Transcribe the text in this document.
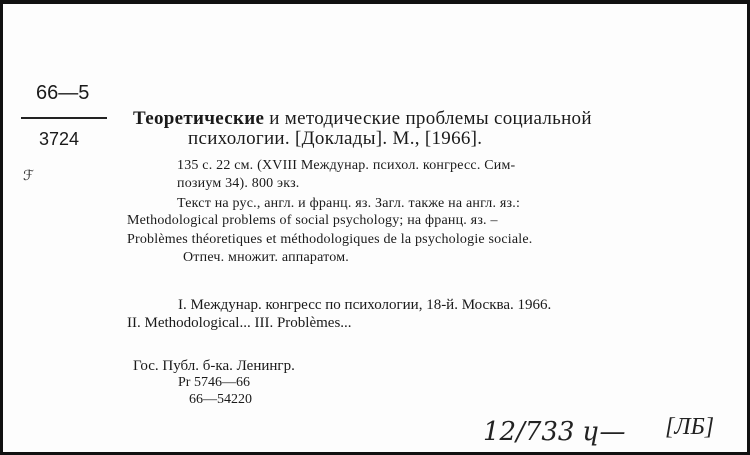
66—5
3724
ℱ
Теоретические и методические проблемы социальной
психологии. [Доклады]. М., [1966].
135 с. 22 см. (XVIII Междунар. психол. конгресс. Сим-
позиум 34). 800 экз.
Текст на рус., англ. и франц. яз. Загл. также на англ. яз.:
Methodological problems of social psychology; на франц. яз. –
Problèmes théoretiques et méthodologiques de la psychologie sociale.
Отпеч. множит. аппаратом.
I. Междунар. конгресс по психологии, 18-й. Москва. 1966.
II. Methodological... III. Problèmes...
Гос. Публ. б-ка. Ленингр.
Pr 5746—66
66—54220
12/733 ɥ— [ЛБ]
